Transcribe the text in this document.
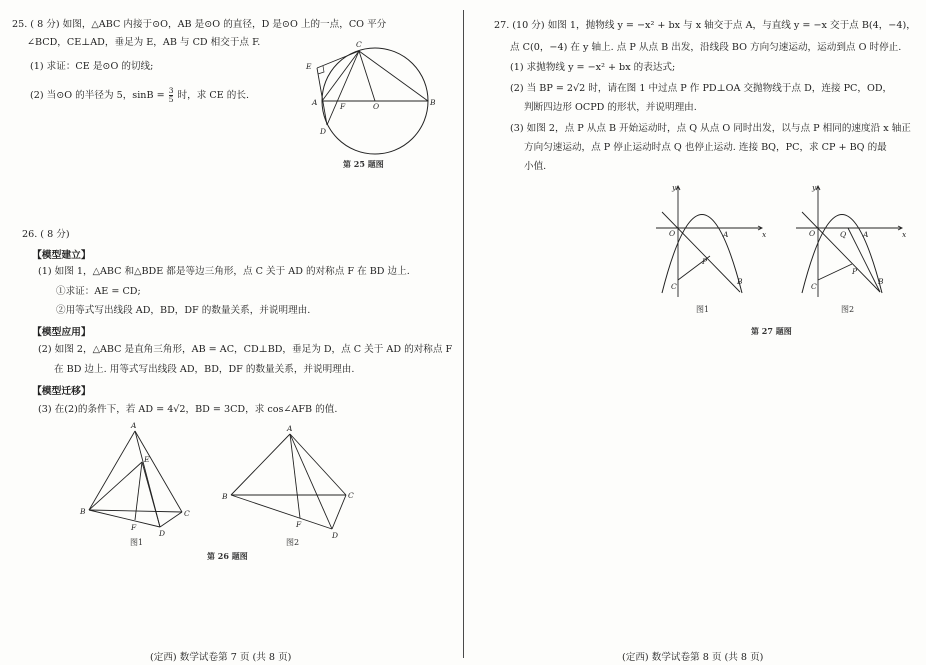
25. ( 8 分) 如图，△ABC 内接于⊙O，AB 是⊙O 的直径，D 是⊙O 上的一点，CO 平分
∠BCD，CE⊥AD，垂足为 E，AB 与 CD 相交于点 F.
(1) 求证：CE 是⊙O 的切线;
(2) 当⊙O 的半径为 5，$\sin B = \frac{3}{5}$ 时，求 CE 的长.
E
C
A	F	O	B
D
第 25 题图
26. ( 8 分)
【模型建立】
(1) 如图 1，△ABC 和△BDE 都是等边三角形，点 C 关于 AD 的对称点 F 在 BD 边上.
①求证：AE = CD;
②用等式写出线段 AD，BD，DF 的数量关系，并说明理由.
【模型应用】
(2) 如图 2，△ABC 是直角三角形，AB = AC，CD⊥BD，垂足为 D，点 C 关于 AD 的对称点 F
在 BD 边上. 用等式写出线段 AD，BD，DF 的数量关系，并说明理由.
【模型迁移】
(3) 在(2)的条件下，若 AD = 4√2，BD = 3CD，求 cos∠AFB 的值.
A
E
B
F
D
C
图1
A
B	C
F
D
图2
第 26 题图
(定西) 数学试卷第 7 页 (共 8 页)
27. (10 分) 如图 1，抛物线 y = −x² + bx 与 x 轴交于点 A，与直线 y = −x 交于点 B(4，−4)，
点 C(0，−4) 在 y 轴上. 点 P 从点 B 出发，沿线段 BO 方向匀速运动，运动到点 O 时停止.
(1) 求抛物线 y = −x² + bx 的表达式;
(2) 当 BP = 2√2 时，请在图 1 中过点 P 作 PD⊥OA 交抛物线于点 D，连接 PC，OD，
判断四边形 OCPD 的形状，并说明理由.
(3) 如图 2，点 P 从点 B 开始运动时，点 Q 从点 O 同时出发，以与点 P 相同的速度沿 x 轴正
方向匀速运动，点 P 停止运动时点 Q 也停止运动. 连接 BQ，PC，求 CP + BQ 的最
小值.
y
x
O	A
P
C
B
图1
y
x
O	Q A
P
C
B
图2
第 27 题图
(定西) 数学试卷第 8 页 (共 8 页)
